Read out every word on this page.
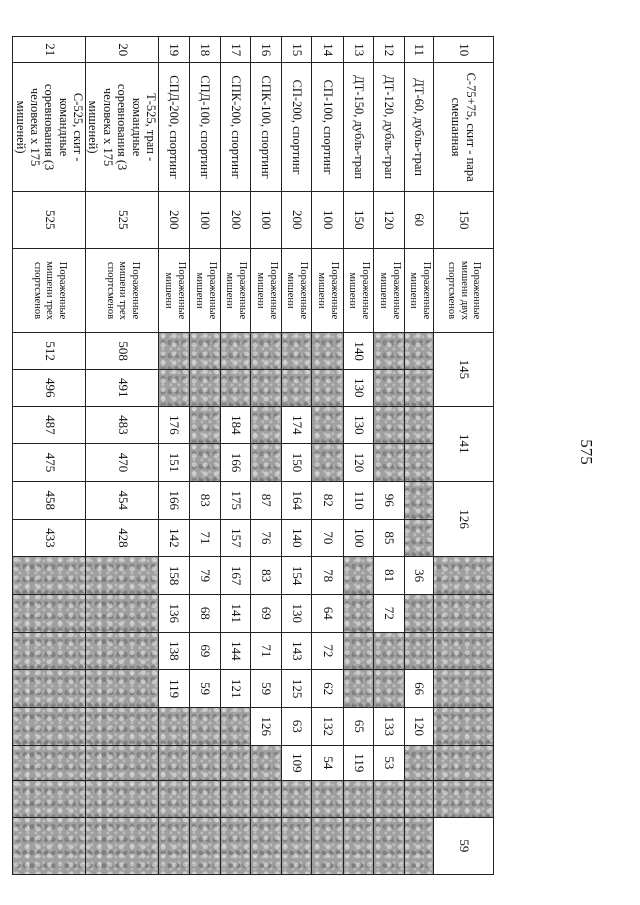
575
10	С-75+75, скит - пара смешанная	150	Пораженные мишени двух спортсменов	145		141		126									59
11	ДТ-60, дубль-трап	60	Пораженные мишени							36			66	120			
12	ДТ-120, дубль-трап	120	Пораженные мишени					96	85	81	72			133	53		
13	ДТ-150, дубль-трап	150	Пораженные мишени	140	130	130	120	110	100					65	119		
14	СП-100, спортинг	100	Пораженные мишени					82	70	78	64	72	62	132	54		
15	СП-200, спортинг	200	Пораженные мишени			174	150	164	140	154	130	143	125	63	109		
16	СПК-100, спортинг	100	Пораженные мишени					87	76	83	69	71	59	126			
17	СПК-200, спортинг	200	Пораженные мишени			184	166	175	157	167	141	144	121				
18	СПД-100, спортинг	100	Пораженные мишени					83	71	79	68	69	59				
19	СПД-200, спортинг	200	Пораженные мишени			176	151	166	142	158	136	138	119				
20	Т-525, трап - командные соревнования (3 человека х 175 мишеней)	525	Пораженные мишени трех спортсменов	508	491	483	470	454	428								
21	С-525, скит - командные соревнования (3 человека х 175 мишеней)	525	Пораженные мишени трех спортсменов	512	496	487	475	458	433								
